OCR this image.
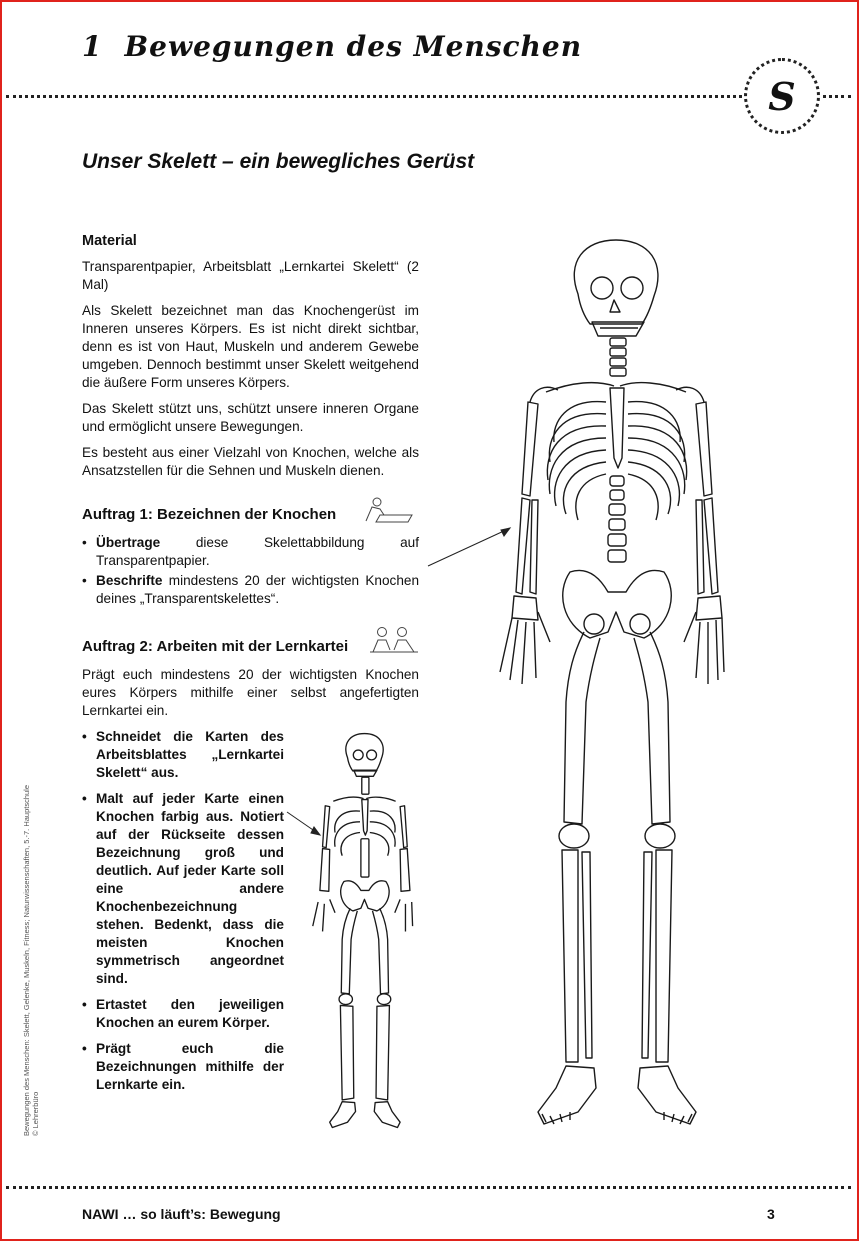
1 Bewegungen des Menschen
S
Unser Skelett – ein bewegliches Gerüst

Material

Transparentpapier, Arbeitsblatt „Lernkartei Skelett“ (2 Mal)

Als Skelett bezeichnet man das Knochengerüst im Inneren unseres Körpers. Es ist nicht direkt sichtbar, denn es ist von Haut, Muskeln und anderem Gewebe umgeben. Dennoch bestimmt unser Skelett weitgehend die äußere Form unseres Körpers.

Das Skelett stützt uns, schützt unsere inneren Organe und ermöglicht unsere Bewegungen.

Es besteht aus einer Vielzahl von Knochen, welche als Ansatzstellen für die Sehnen und Muskeln dienen.

Auftrag 1: Bezeichnen der Knochen
• Übertrage diese Skelettabbildung auf Transparentpapier.
• Beschrifte mindestens 20 der wichtigsten Knochen deines „Transparentskelettes“.
Auftrag 2: Arbeiten mit der Lernkartei

Prägt euch mindestens 20 der wichtigsten Knochen eures Körpers mithilfe einer selbst angefertigten Lernkartei ein.

• Schneidet die Karten des Arbeitsblattes „Lernkartei Skelett“ aus.
• Malt auf jeder Karte einen Knochen farbig aus. Notiert auf der Rückseite dessen Bezeichnung groß und deutlich. Auf jeder Karte soll eine andere Knochenbezeichnung stehen. Bedenkt, dass die meisten Knochen symmetrisch angeordnet sind.
• Ertastet den jeweiligen Knochen an eurem Körper.
• Prägt euch die Bezeichnungen mithilfe der Lernkarte ein.
Bewegungen des Menschen: Skelett, Gelenke, Muskeln, Fitness; Naturwissenschaften, 5.-7. Hauptschule © Lehrerbüro
NAWI … so läuft’s: Bewegung	3
